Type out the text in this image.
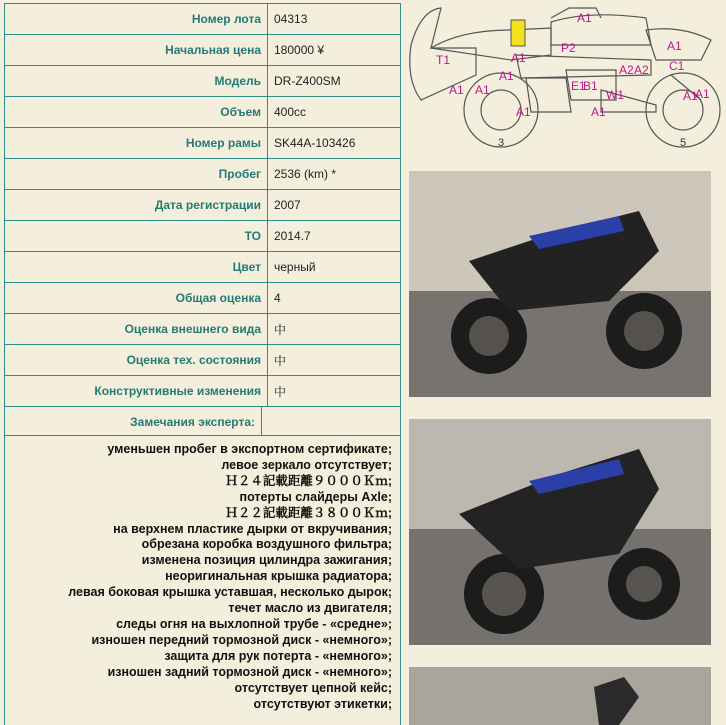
Номер лота	04313
Начальная цена	180000 ¥
Модель	DR-Z400SM
Объем	400cc
Номер рамы	SK44A-103426
Пробег	2536 (km) *
Дата регистрации	2007
ТО	2014.7
Цвет	черный
Общая оценка	4
Оценка внешнего вида	中
Оценка тех. состояния	中
Конструктивные изменения	中
Замечания эксперта:
уменьшен пробег в экспортном сертификате;
левое зеркало отсутствует;
Ｈ２４記載距離９０００Ｋｍ;
потерты слайдеры Axle;
Ｈ２２記載距離３８００Ｋｍ;
на верхнем пластике дырки от вкручивания;
обрезана коробка воздушного фильтра;
изменена позиция цилиндра зажигания;
неоригинальная крышка радиатора;
левая боковая крышка уставшая, несколько дырок;
течет масло из двигателя;
следы огня на выхлопной трубе - «средне»;
изношен передний тормозной диск - «немного»;
защита для рук потерта - «немного»;
изношен задний тормозной диск - «немного»;
отсутствует цепной кейс;
отсутствуют этикетки;
A1
T1
A1
A1
A1
A1
A1
P2	A1
A2 A2 C1
W1
A1
A1
A1
E1
B1
3	5
